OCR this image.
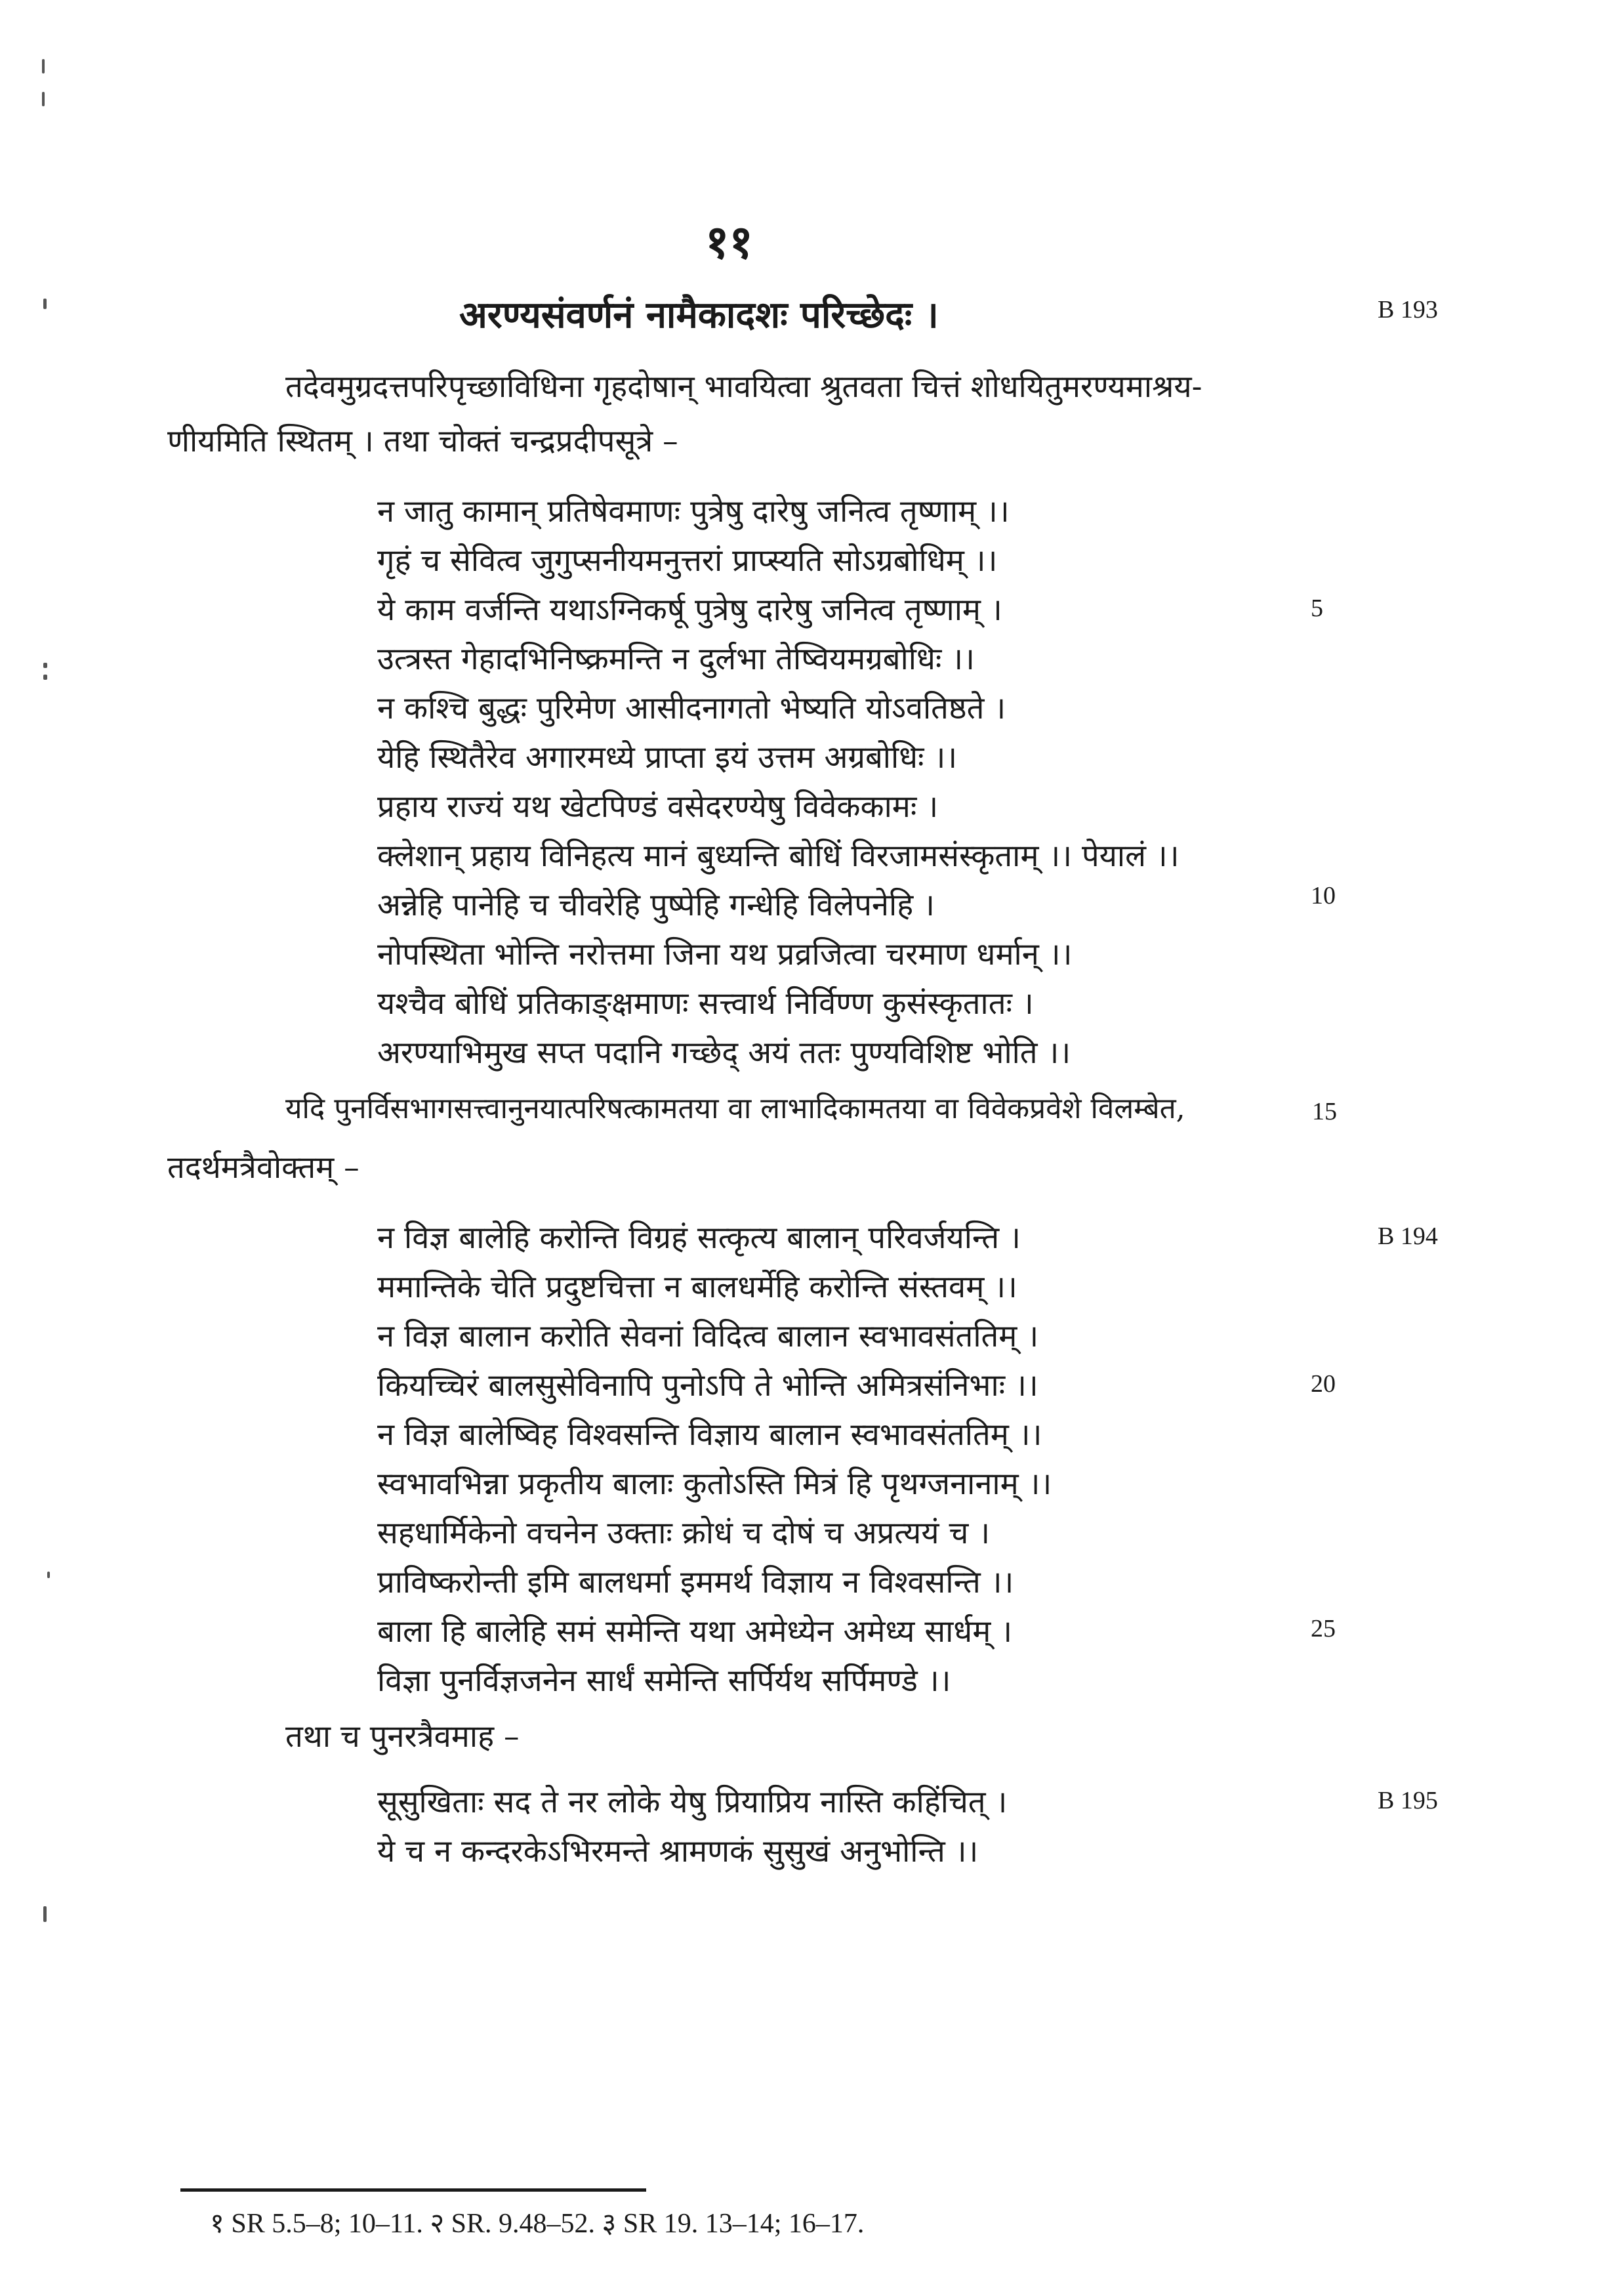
११
अरण्यसंवर्णनं नामैकादशः परिच्छेदः ।	B 193
तदेवमुग्रदत्तपरिपृच्छाविधिना गृहदोषान् भावयित्वा श्रुतवता चित्तं शोधयितुमरण्यमाश्रय-
णीयमिति स्थितम् । तथा चोक्तं चन्द्रप्रदीपसूत्रे –
न जातु कामान् प्रतिषेवमाणः पुत्रेषु दारेषु जनित्व तृष्णाम् ।।
गृहं च सेवित्व जुगुप्सनीयमनुत्तरां प्राप्स्यति सोऽग्रबोधिम् ।।
ये काम वर्जन्ति यथाऽग्निकर्षू पुत्रेषु दारेषु जनित्व तृष्णाम् ।	5
उत्त्रस्त गेहादभिनिष्क्रमन्ति न दुर्लभा तेष्वियमग्रबोधिः ।।
न कश्चि बुद्धः पुरिमेण आसीदनागतो भेष्यति योऽवतिष्ठते ।
येहि स्थितैरेव अगारमध्ये प्राप्ता इयं उत्तम अग्रबोधिः ।।
प्रहाय राज्यं यथ खेटपिण्डं वसेदरण्येषु विवेककामः ।
क्लेशान् प्रहाय विनिहत्य मानं बुध्यन्ति बोधिं विरजामसंस्कृताम् ।। पेयालं ।।
10
अन्नेहि पानेहि च चीवरेहि पुष्पेहि गन्धेहि विलेपनेहि ।
नोपस्थिता भोन्ति नरोत्तमा जिना यथ प्रव्रजित्वा चरमाण धर्मान् ।।
यश्चैव बोधिं प्रतिकाङ्क्षमाणः सत्त्वार्थ निर्विण्ण कुसंस्कृतातः ।
अरण्याभिमुख सप्त पदानि गच्छेद् अयं ततः पुण्यविशिष्ट भोति ।।
यदि पुनर्विसभागसत्त्वानुनयात्परिषत्कामतया वा लाभादिकामतया वा विवेकप्रवेशे विलम्बेत,	15
तदर्थमत्रैवोक्तम् –
न विज्ञ बालेहि करोन्ति विग्रहं सत्कृत्य बालान् परिवर्जयन्ति ।	B 194
ममान्तिके चेति प्रदुष्टचित्ता न बालधर्मेहि करोन्ति संस्तवम् ।।
न विज्ञ बालान करोति सेवनां विदित्व बालान स्वभावसंततिम् ।
कियच्चिरं बालसुसेविनापि पुनोऽपि ते भोन्ति अमित्रसंनिभाः ।।	20
न विज्ञ बालेष्विह विश्वसन्ति विज्ञाय बालान स्वभावसंततिम् ।।
स्वभावभिन्ना प्रकृतीय बालाः कुतोऽस्ति मित्रं हि पृथग्जनानाम् ।।
सहधार्मिकेनो वचनेन उक्ताः क्रोधं च दोषं च अप्रत्ययं च ।
प्राविष्करोन्ती इमि बालधर्मा इममर्थ विज्ञाय न विश्वसन्ति ।।
बाला हि बालेहि समं समेन्ति यथा अमेध्येन अमेध्य सार्धम् ।	25
विज्ञा पुनर्विज्ञजनेन सार्धं समेन्ति सर्पिर्यथ सर्पिमण्डे ।।
तथा च पुनरत्रैवमाह –
सूसुखिताः सद ते नर लोके येषु प्रियाप्रिय नास्ति कहिंचित् ।	B 195
ये च न कन्दरकेऽभिरमन्ते श्रामणकं सुसुखं अनुभोन्ति ।।
१ SR 5.5–8; 10–11. २ SR. 9.48–52. ३ SR 19. 13–14; 16–17.
